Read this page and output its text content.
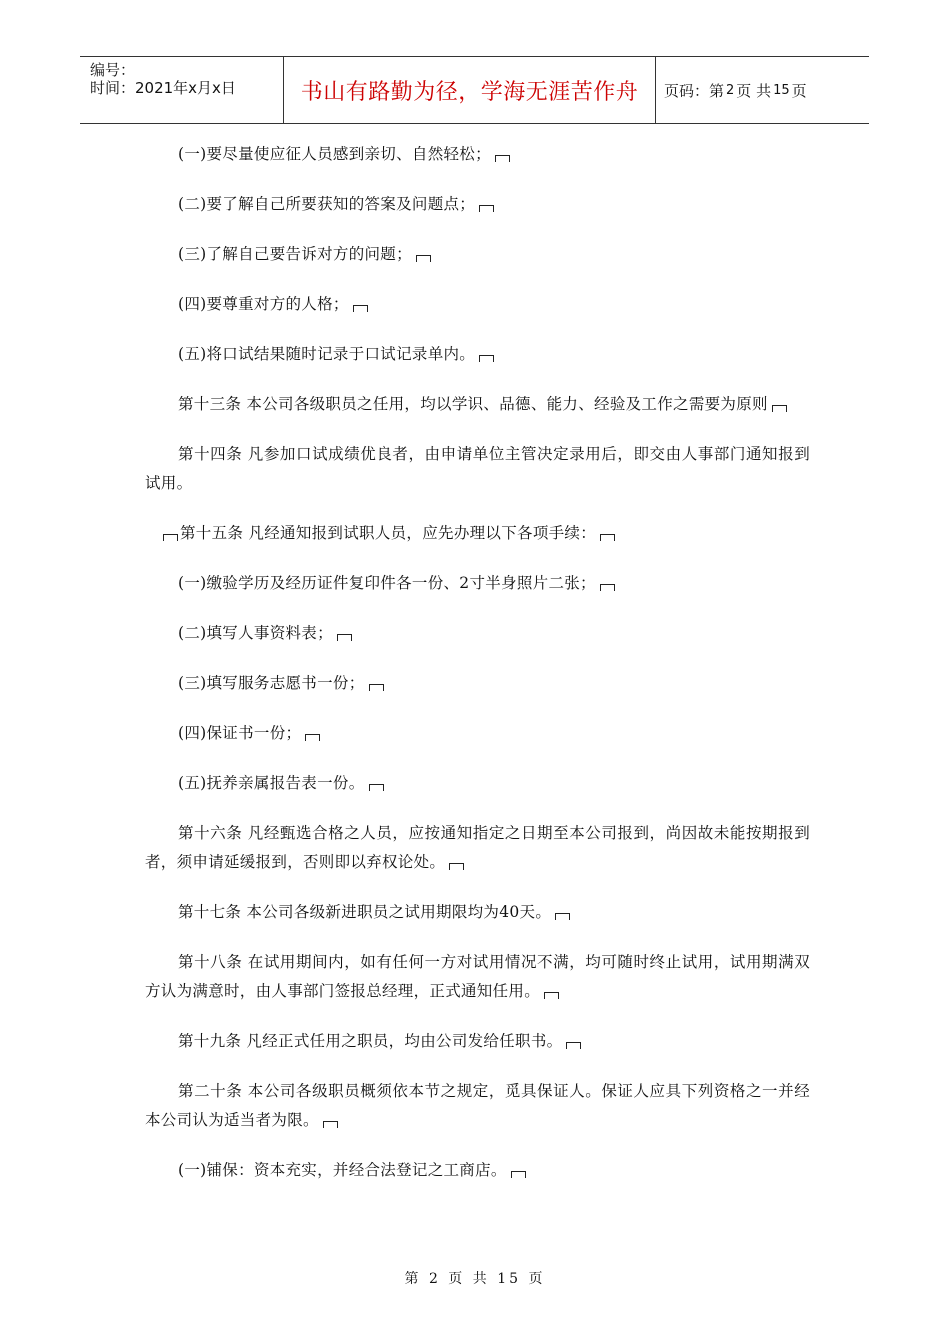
编号：
时间：2021年x月x日	书山有路勤为径，学海无涯苦作舟	页码：第 2 页 共 15 页

(一)要尽量使应征人员感到亲切、自然轻松；

(二)要了解自己所要获知的答案及问题点；

(三)了解自己要告诉对方的问题；

(四)要尊重对方的人格；

(五)将口试结果随时记录于口试记录单内。

第十三条 本公司各级职员之任用，均以学识、品德、能力、经验及工作之需要为原则

第十四条 凡参加口试成绩优良者，由申请单位主管决定录用后，即交由人事部门通知报到试用。

第十五条 凡经通知报到试职人员，应先办理以下各项手续：

(一)缴验学历及经历证件复印件各一份、2寸半身照片二张；

(二)填写人事资料表；

(三)填写服务志愿书一份；

(四)保证书一份；

(五)抚养亲属报告表一份。

第十六条 凡经甄选合格之人员，应按通知指定之日期至本公司报到，尚因故未能按期报到者，须申请延缓报到，否则即以弃权论处。

第十七条 本公司各级新进职员之试用期限均为40天。

第十八条 在试用期间内，如有任何一方对试用情况不满，均可随时终止试用，试用期满双方认为满意时，由人事部门签报总经理，正式通知任用。

第十九条 凡经正式任用之职员，均由公司发给任职书。

第二十条 本公司各级职员概须依本节之规定，觅具保证人。保证人应具下列资格之一并经本公司认为适当者为限。

(一)铺保：资本充实，并经合法登记之工商店。

第 2 页 共 15 页
